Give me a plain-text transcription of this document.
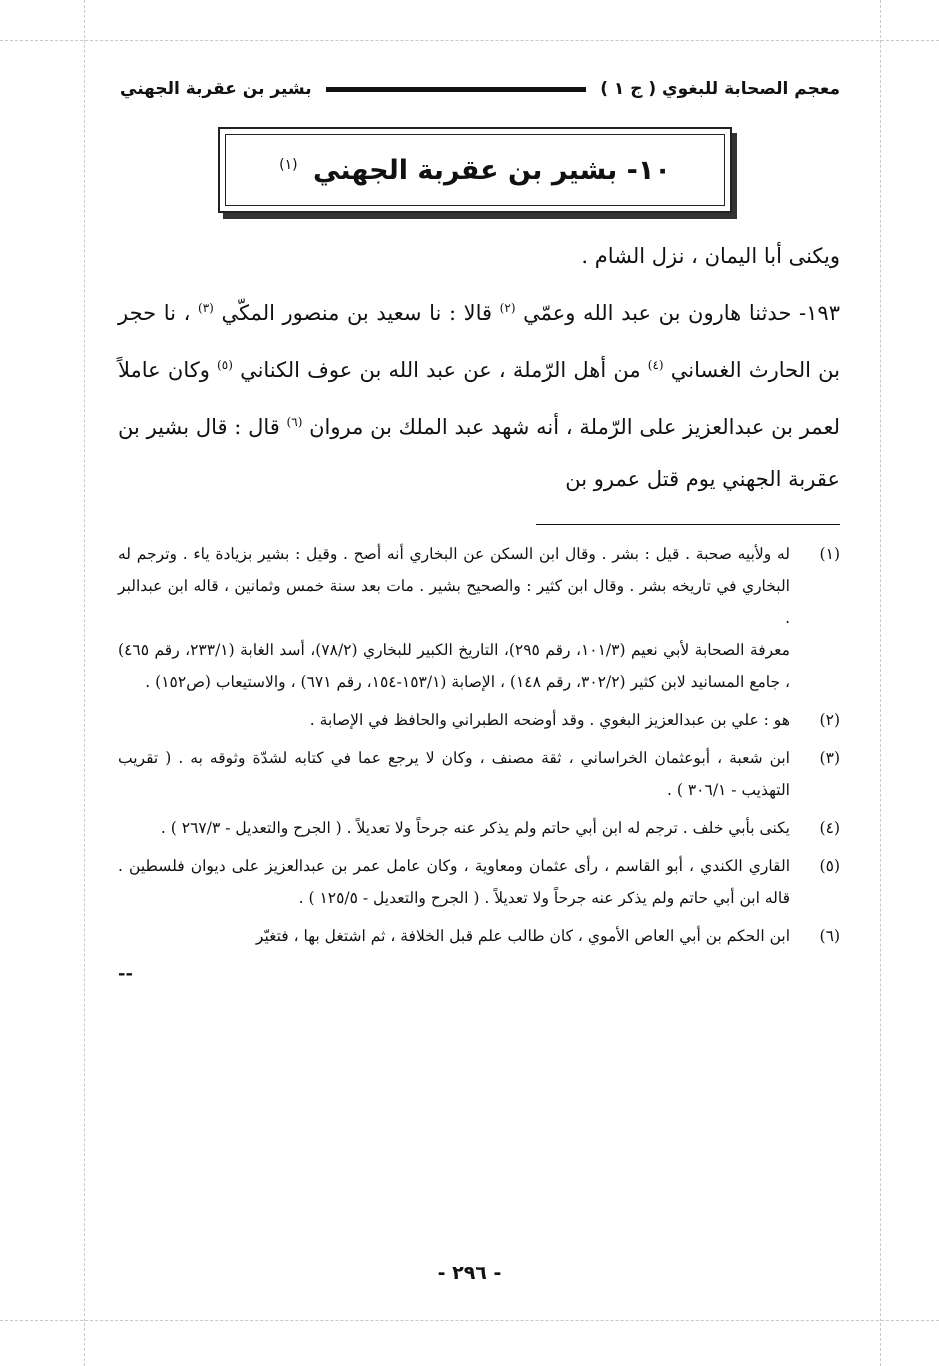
معجم الصحابة للبغوي ( ج ١ )
بشير بن عقربة الجهني
١٠- بشير بن عقربة الجهني $^{(١)}$

ويكنى أبا اليمان ، نزل الشام .

١٩٣- حدثنا هارون بن عبد الله وعمّي $^{(٢)}$ قالا : نا سعيد بن منصور المكّي $^{(٣)}$ ، نا حجر بن الحارث الغساني $^{(٤)}$ من أهل الرّملة ، عن عبد الله بن عوف الكناني $^{(٥)}$ وكان عاملاً لعمر بن عبدالعزيز على الرّملة ، أنه شهد عبد الملك بن مروان $^{(٦)}$ قال : قال بشير بن عقربة الجهني يوم قتل عمرو بن

(١)

له ولأبيه صحبة . قيل : بشر . وقال ابن السكن عن البخاري أنه أصح . وقيل : بشير بزيادة ياء . وترجم له البخاري في تاريخه بشر . وقال ابن كثير : والصحيح بشير . مات بعد سنة خمس وثمانين ، قاله ابن عبدالبر .

معرفة الصحابة لأبي نعيم (١٠١/٣، رقم ٢٩٥)، التاريخ الكبير للبخاري (٧٨/٢)، أسد الغابة (٢٣٣/١، رقم ٤٦٥) ، جامع المسانيد لابن كثير (٣٠٢/٢، رقم ١٤٨) ، الإصابة (١٥٣/١-١٥٤، رقم ٦٧١) ، والاستيعاب (ص١٥٢) .

(٢)

هو : علي بن عبدالعزيز البغوي . وقد أوضحه الطبراني والحافظ في الإصابة .

(٣)

ابن شعبة ، أبوعثمان الخراساني ، ثقة مصنف ، وكان لا يرجع عما في كتابه لشدّة وثوقه به . ( تقريب التهذيب - ٣٠٦/١ ) .

(٤)

يكنى بأبي خلف . ترجم له ابن أبي حاتم ولم يذكر عنه جرحاً ولا تعديلاً . ( الجرح والتعديل - ٢٦٧/٣ ) .

(٥)

القاري الكندي ، أبو القاسم ، رأى عثمان ومعاوية ، وكان عامل عمر بن عبدالعزيز على ديوان فلسطين . قاله ابن أبي حاتم ولم يذكر عنه جرحاً ولا تعديلاً . ( الجرح والتعديل - ١٢٥/٥ ) .

(٦)

ابن الحكم بن أبي العاص الأموي ، كان طالب علم قبل الخلافة ، ثم اشتغل بها ، فتغيّر

--
- ٢٩٦ -
